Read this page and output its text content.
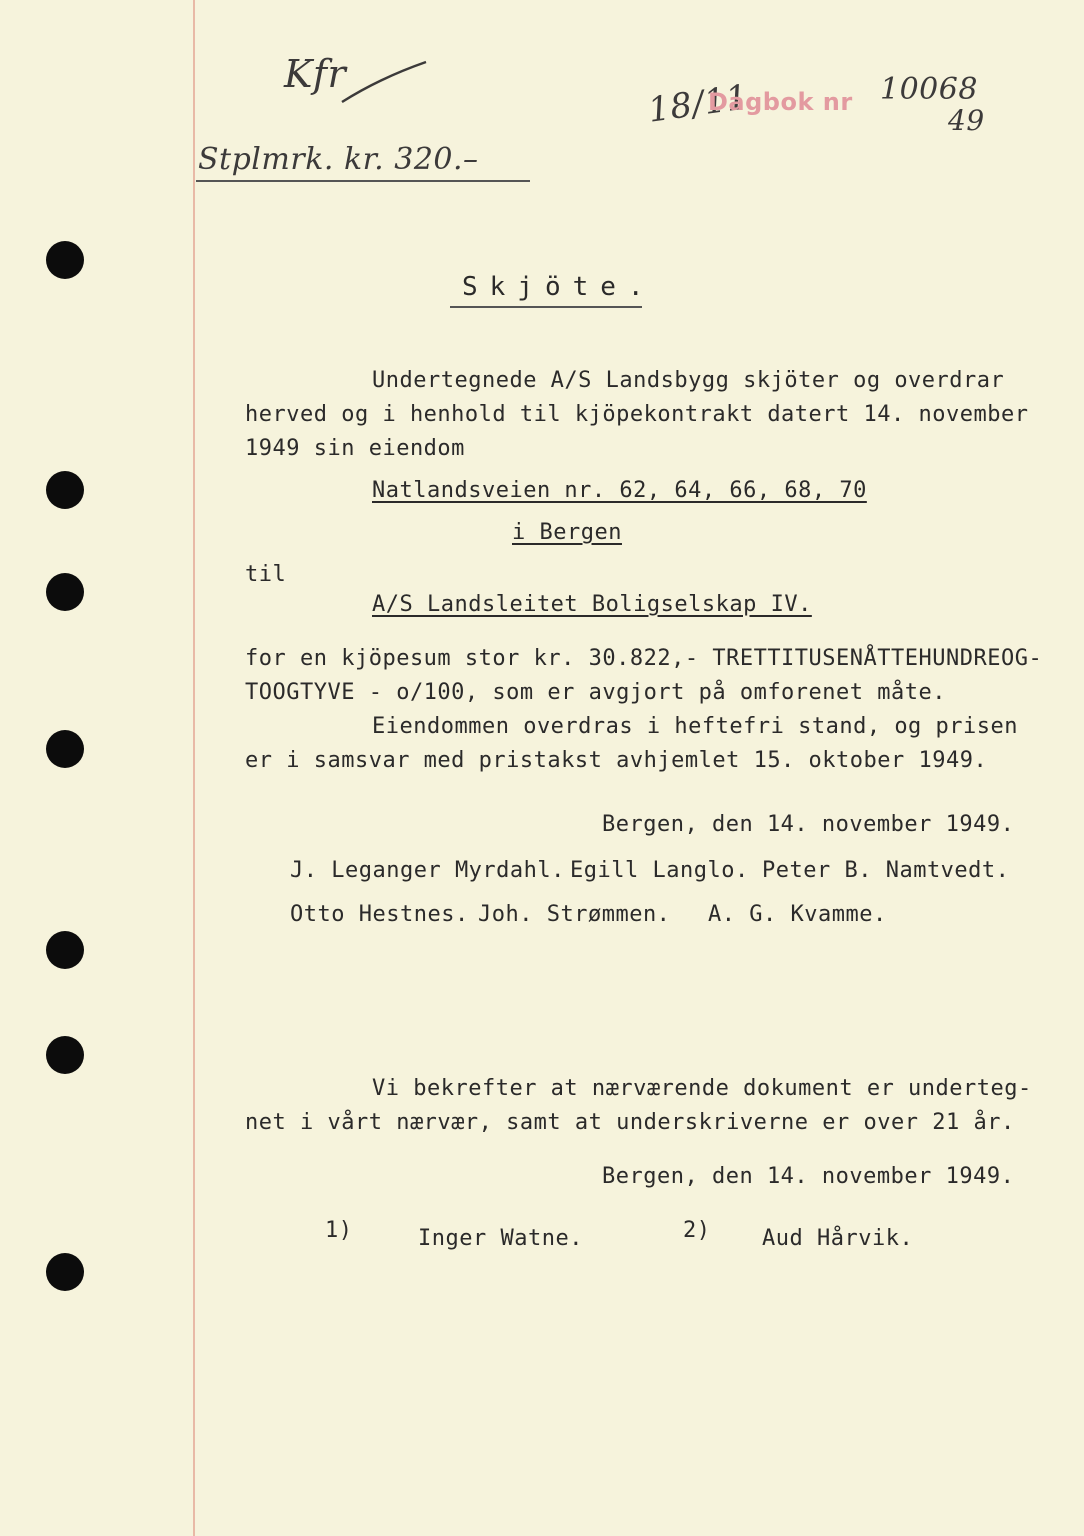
Kfr
Stplmrk. kr. 320.–
18/11
Dagbok nr 10068
49
Skjöte.
Undertegnede A/S Landsbygg skjöter og overdrar
herved og i henhold til kjöpekontrakt datert 14. november
1949 sin eiendom
Natlandsveien nr. 62, 64, 66, 68, 70
i Bergen
til
A/S Landsleitet Boligselskap IV.
for en kjöpesum stor kr. 30.822,- TRETTITUSENÅTTEHUNDREOG-
TOOGTYVE - o/100, som er avgjort på omforenet måte.
Eiendommen overdras i heftefri stand, og prisen
er i samsvar med pristakst avhjemlet 15. oktober 1949.
Bergen, den 14. november 1949.
J. Leganger Myrdahl. Egill Langlo. Peter B. Namtvedt.
Otto Hestnes. Joh. Strømmen. A. G. Kvamme.
Vi bekrefter at nærværende dokument er underteg-
net i vårt nærvær, samt at underskriverne er over 21 år.
Bergen, den 14. november 1949.
1)	Inger Watne.	2) Aud Hårvik.
